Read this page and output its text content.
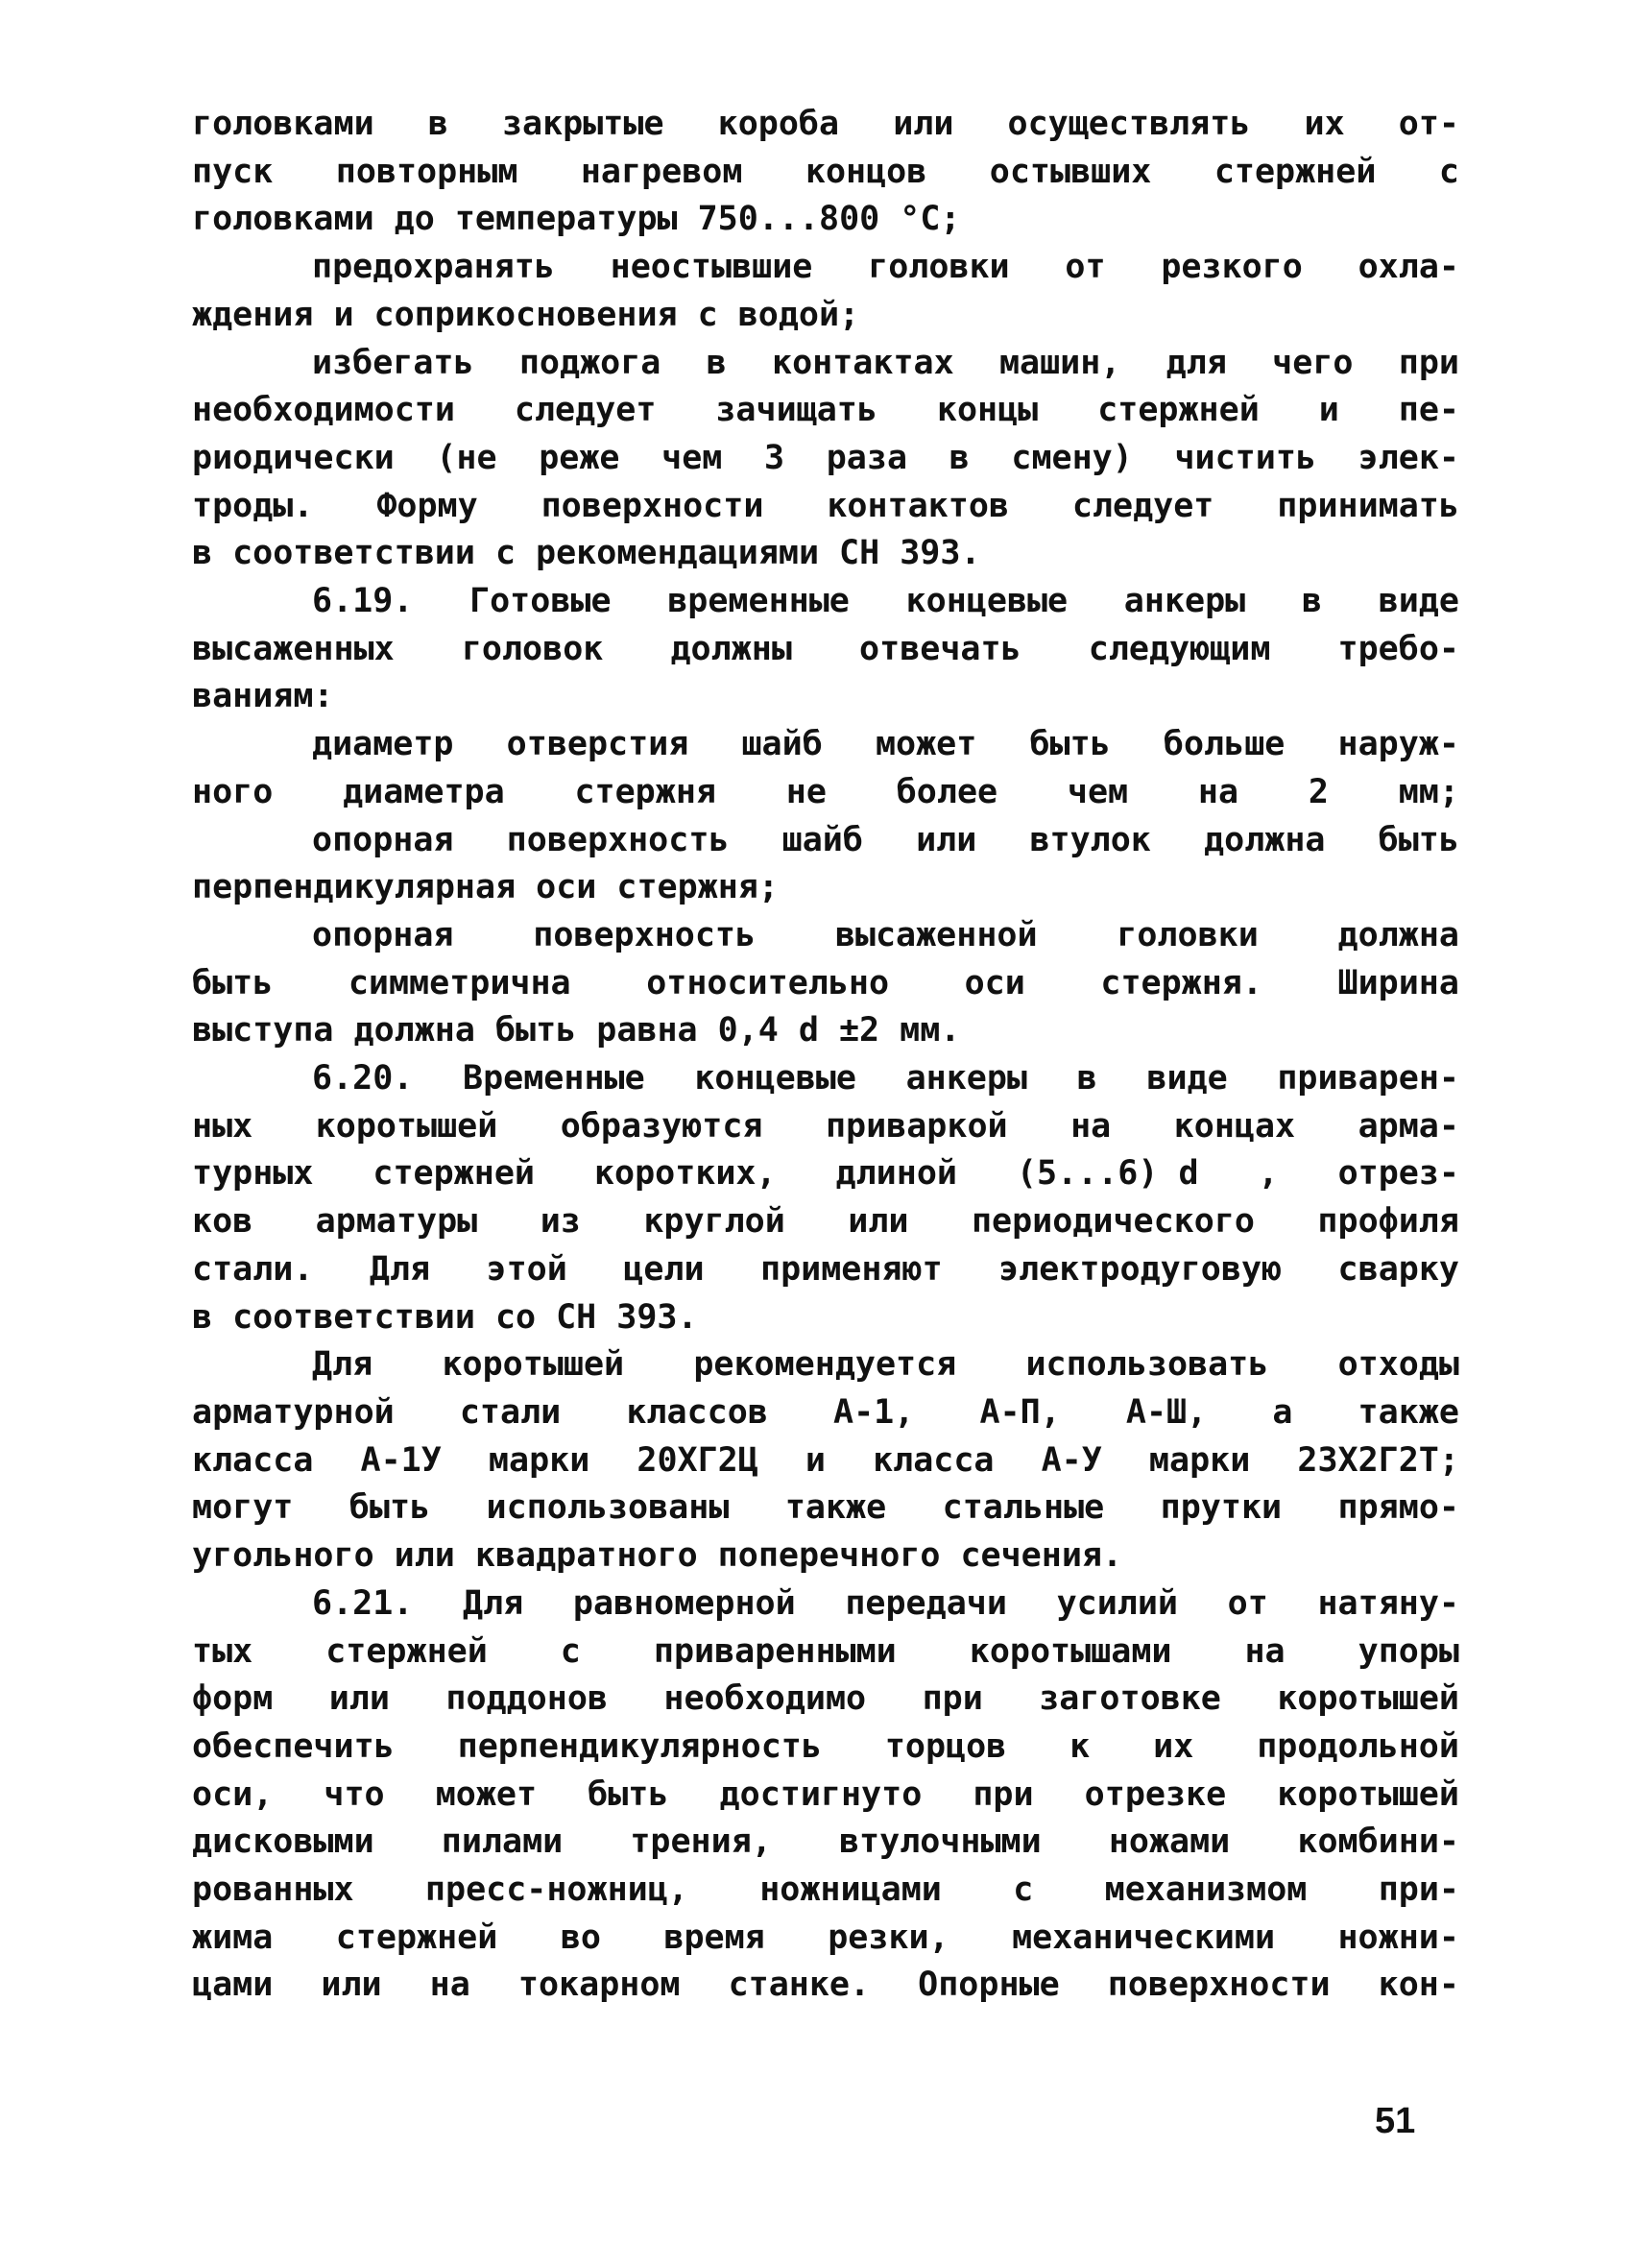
головками в закрытые короба или осуществлять их от-
пуск повторным нагревом концов остывших стержней с
головками до температуры 750...800 °С;
предохранять неостывшие головки от резкого охла-
ждения и соприкосновения с водой;
избегать поджога в контактах машин, для чего при
необходимости следует зачищать концы стержней и пе-
риодически (не реже чем 3 раза в смену) чистить элек-
троды. Форму поверхности контактов следует принимать
в соответствии с рекомендациями СН 393.
6.19. Готовые временные концевые анкеры в виде
высаженных головок должны отвечать следующим требо-
ваниям:
диаметр отверстия шайб может быть больше наруж-
ного диаметра стержня не более чем на 2 мм;
опорная поверхность шайб или втулок должна быть
перпендикулярная оси стержня;
опорная поверхность высаженной головки должна
быть симметрична относительно оси стержня. Ширина
выступа должна быть равна 0,4 d ±2 мм.
6.20. Временные концевые анкеры в виде приварен-
ных коротышей образуются приваркой на концах арма-
турных стержней коротких, длиной (5...6) d , отрез-
ков арматуры из круглой или периодического профиля
стали. Для этой цели применяют электродуговую сварку
в соответствии со СН 393.
Для коротышей рекомендуется использовать отходы
арматурной стали классов А-1, А-П, А-Ш, а также
класса А-1У марки 20ХГ2Ц и класса А-У марки 23Х2Г2Т;
могут быть использованы также стальные прутки прямо-
угольного или квадратного поперечного сечения.
6.21. Для равномерной передачи усилий от натяну-
тых стержней с приваренными коротышами на упоры
форм или поддонов необходимо при заготовке коротышей
обеспечить перпендикулярность торцов к их продольной
оси, что может быть достигнуто при отрезке коротышей
дисковыми пилами трения, втулочными ножами комбини-
рованных пресс-ножниц, ножницами с механизмом при-
жима стержней во время резки, механическими ножни-
цами или на токарном станке. Опорные поверхности кон-
51
